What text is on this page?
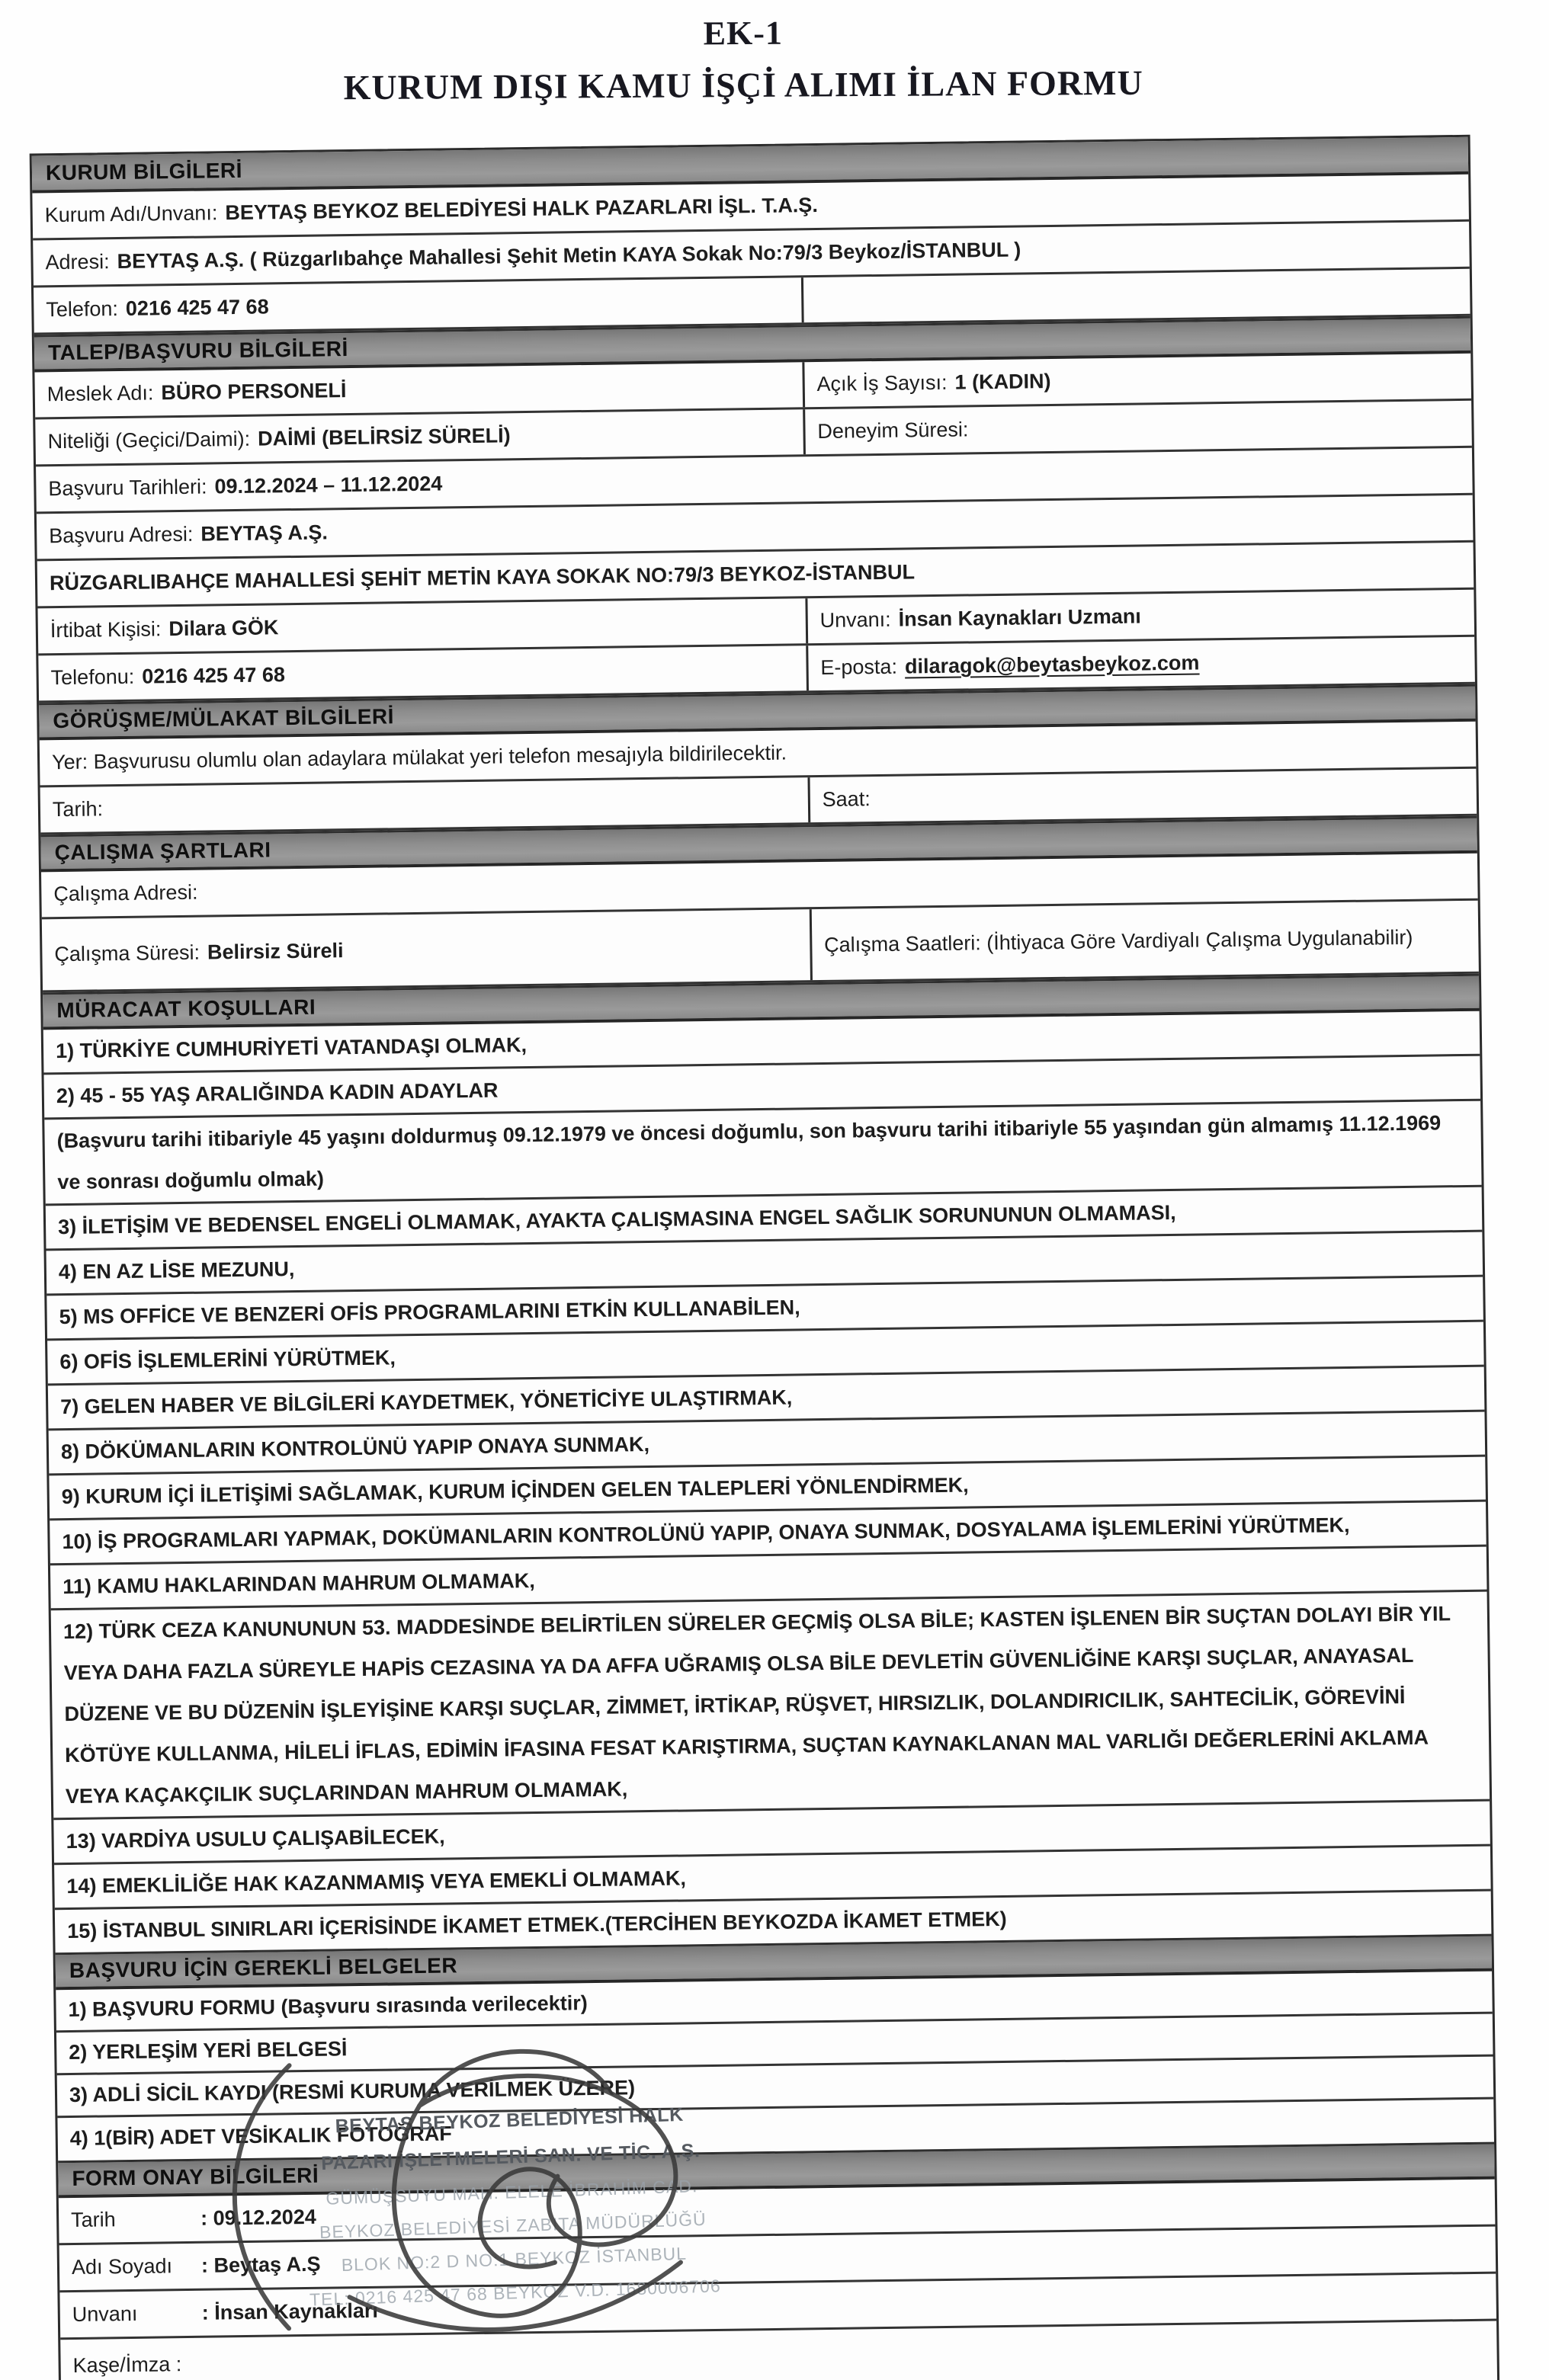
EK-1
KURUM DIŞI KAMU İŞÇİ ALIMI İLAN FORMU
KURUM BİLGİLERİ
Kurum Adı/Unvanı: BEYTAŞ BEYKOZ BELEDİYESİ HALK PAZARLARI İŞL. T.A.Ş.
Adresi: BEYTAŞ A.Ş. ( Rüzgarlıbahçe Mahallesi Şehit Metin KAYA Sokak No:79/3 Beykoz/İSTANBUL )
Telefon: 0216 425 47 68
TALEP/BAŞVURU BİLGİLERİ
Meslek Adı: BÜRO PERSONELİ	Açık İş Sayısı: 1 (KADIN)
Niteliği (Geçici/Daimi): DAİMİ (BELİRSİZ SÜRELİ)	Deneyim Süresi:
Başvuru Tarihleri: 09.12.2024 – 11.12.2024
Başvuru Adresi: BEYTAŞ A.Ş.
RÜZGARLIBAHÇE MAHALLESİ ŞEHİT METİN KAYA SOKAK NO:79/3 BEYKOZ-İSTANBUL
İrtibat Kişisi: Dilara GÖK	Unvanı: İnsan Kaynakları Uzmanı
Telefonu: 0216 425 47 68	E-posta: dilaragok@beytasbeykoz.com
GÖRÜŞME/MÜLAKAT BİLGİLERİ
Yer: Başvurusu olumlu olan adaylara mülakat yeri telefon mesajıyla bildirilecektir.
Tarih:	Saat:
ÇALIŞMA ŞARTLARI
Çalışma Adresi:
Çalışma Süresi: Belirsiz Süreli	Çalışma Saatleri: (İhtiyaca Göre Vardiyalı Çalışma Uygulanabilir)
MÜRACAAT KOŞULLARI
1) TÜRKİYE CUMHURİYETİ VATANDAŞI OLMAK,
2) 45 - 55 YAŞ ARALIĞINDA KADIN ADAYLAR
(Başvuru tarihi itibariyle 45 yaşını doldurmuş 09.12.1979 ve öncesi doğumlu, son başvuru tarihi itibariyle 55 yaşından gün almamış 11.12.1969 ve sonrası doğumlu olmak)
3) İLETİŞİM VE BEDENSEL ENGELİ OLMAMAK, AYAKTA ÇALIŞMASINA ENGEL SAĞLIK SORUNUNUN OLMAMASI,
4) EN AZ LİSE MEZUNU,
5) MS OFFİCE VE BENZERİ OFİS PROGRAMLARINI ETKİN KULLANABİLEN,
6) OFİS İŞLEMLERİNİ YÜRÜTMEK,
7) GELEN HABER VE BİLGİLERİ KAYDETMEK, YÖNETİCİYE ULAŞTIRMAK,
8) DÖKÜMANLARIN KONTROLÜNÜ YAPIP ONAYA SUNMAK,
9) KURUM İÇİ İLETİŞİMİ SAĞLAMAK, KURUM İÇİNDEN GELEN TALEPLERİ YÖNLENDİRMEK,
10) İŞ PROGRAMLARI YAPMAK, DOKÜMANLARIN KONTROLÜNÜ YAPIP, ONAYA SUNMAK, DOSYALAMA İŞLEMLERİNİ YÜRÜTMEK,
11) KAMU HAKLARINDAN MAHRUM OLMAMAK,
12) TÜRK CEZA KANUNUNUN 53. MADDESİNDE BELİRTİLEN SÜRELER GEÇMİŞ OLSA BİLE; KASTEN İŞLENEN BİR SUÇTAN DOLAYI BİR YIL VEYA DAHA FAZLA SÜREYLE HAPİS CEZASINA YA DA AFFA UĞRAMIŞ OLSA BİLE DEVLETİN GÜVENLİĞİNE KARŞI SUÇLAR, ANAYASAL DÜZENE VE BU DÜZENİN İŞLEYİŞİNE KARŞI SUÇLAR, ZİMMET, İRTİKAP, RÜŞVET, HIRSIZLIK, DOLANDIRICILIK, SAHTECİLİK, GÖREVİNİ KÖTÜYE KULLANMA, HİLELİ İFLAS, EDİMİN İFASINA FESAT KARIŞTIRMA, SUÇTAN KAYNAKLANAN MAL VARLIĞI DEĞERLERİNİ AKLAMA VEYA KAÇAKÇILIK SUÇLARINDAN MAHRUM OLMAMAK,
13) VARDİYA USULU ÇALIŞABİLECEK,
14) EMEKLİLİĞE HAK KAZANMAMIŞ VEYA EMEKLİ OLMAMAK,
15) İSTANBUL SINIRLARI İÇERİSİNDE İKAMET ETMEK.(TERCİHEN BEYKOZDA İKAMET ETMEK)
BAŞVURU İÇİN GEREKLİ BELGELER
1) BAŞVURU FORMU (Başvuru sırasında verilecektir)
2) YERLEŞİM YERİ BELGESİ
3) ADLİ SİCİL KAYDI (RESMİ KURUMA VERİLMEK ÜZERE)
4) 1(BİR) ADET VESİKALIK FOTOĞRAF
FORM ONAY BİLGİLERİ
Tarih	: 09.12.2024
Adı Soyadı	: Beytaş A.Ş
Unvanı	: İnsan Kaynakları
Kaşe/İmza :
BEYTAŞ BEYKOZ BELEDİYESİ HALK
PAZARI İŞLETMELERİ SAN. VE TİC. A.Ş.
GÜMÜŞSUYU MAH. ELELE İBRAHİM CAD.
BEYKOZ BELEDİYESİ ZABITA MÜDÜRLÜĞÜ
BLOK NO:2 D NO:1 BEYKOZ İSTANBUL
TEL: 0216 425 47 68 BEYKOZ V.D. 1680006706
